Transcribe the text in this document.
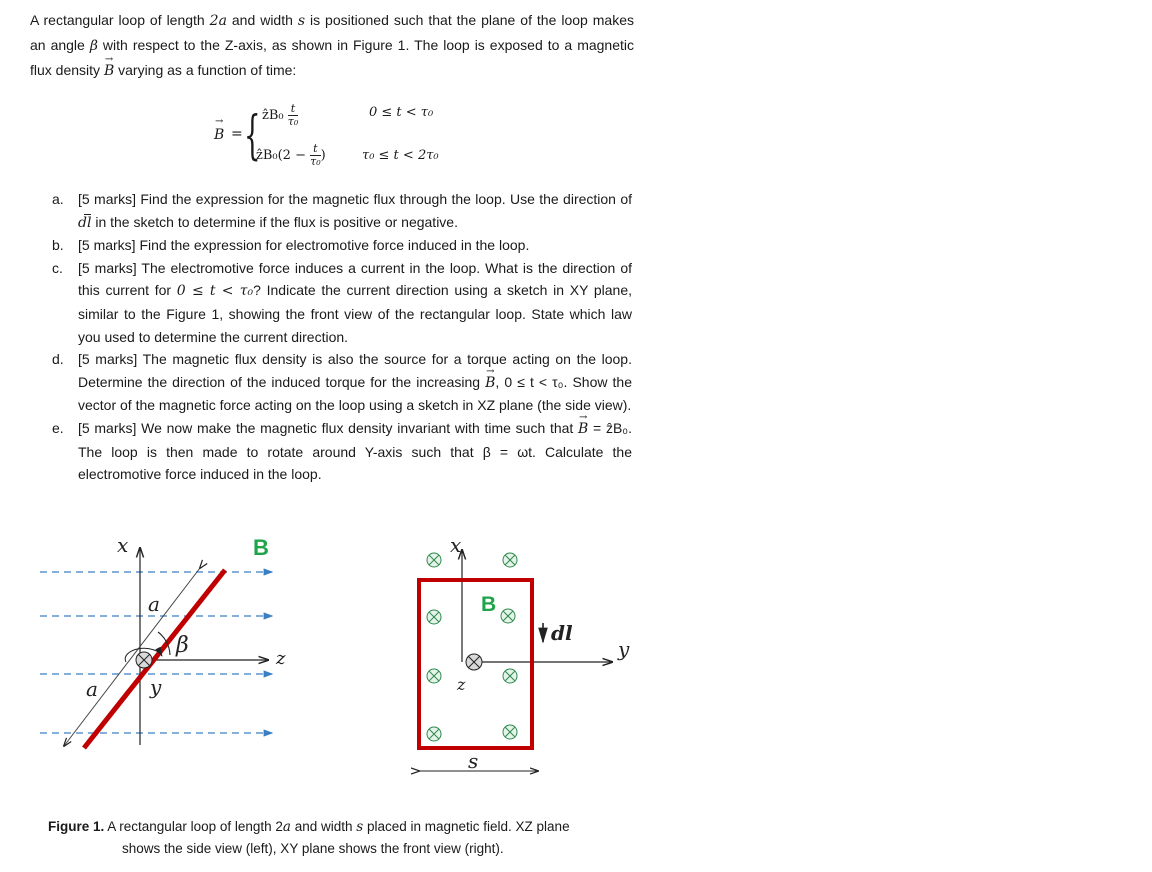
A rectangular loop of length 2a and width s is positioned such that the plane of the loop makes an angle β with respect to the Z-axis, as shown in Figure 1. The loop is exposed to a magnetic flux density → B varying as a function of time:
→ B = { ẑB₀ $\frac{t}{\text{τ₀}}$	0 ≤ t < τ₀
ẑB₀(2 − $\frac{t}{\text{τ₀}}$ )	τ₀ ≤ t < 2τ₀
a. [5 marks] Find the expression for the magnetic flux through the loop. Use the direction of dl in the sketch to determine if the flux is positive or negative.
b. [5 marks] Find the expression for electromotive force induced in the loop.
c. [5 marks] The electromotive force induces a current in the loop. What is the direction of this current for 0 ≤ t < τ₀? Indicate the current direction using a sketch in XY plane, similar to the Figure 1, showing the front view of the rectangular loop. State which law you used to determine the current direction.
d. [5 marks] The magnetic flux density is also the source for a torque acting on the loop. Determine the direction of the induced torque for the increasing → B, 0 ≤ t < τ₀. Show the vector of the magnetic force acting on the loop using a sketch in XZ plane (the side view).
e. [5 marks] We now make the magnetic flux density invariant with time such that → B = ẑB₀. The loop is then made to rotate around Y-axis such that β = ωt. Calculate the electromotive force induced in the loop.
x
z
y
B
a
a
β
x
y
z
B
dl
s
Figure 1. A rectangular loop of length 2a and width s placed in magnetic field. XZ plane
shows the side view (left), XY plane shows the front view (right).
